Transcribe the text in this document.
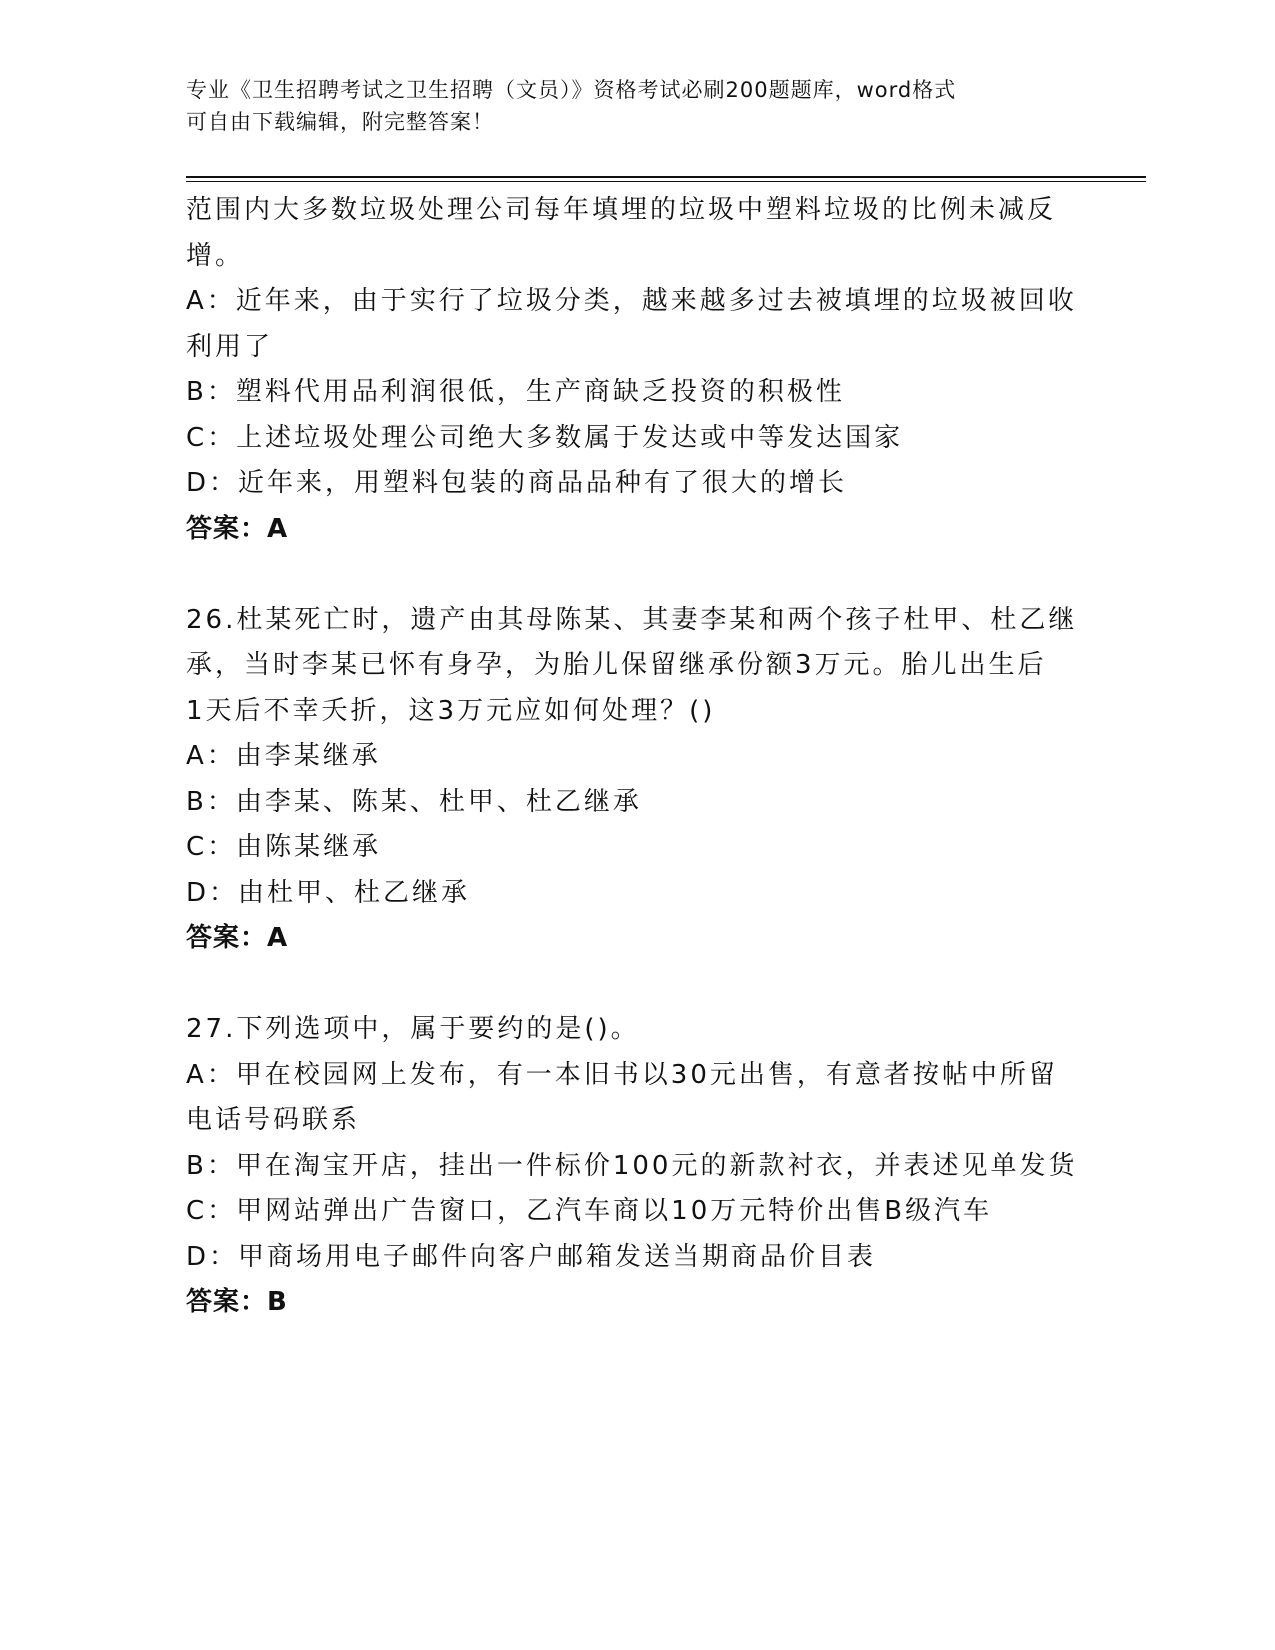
专业《卫生招聘考试之卫生招聘（文员）》资格考试必刷200题题库，word格式
可自由下载编辑，附完整答案！
范围内大多数垃圾处理公司每年填埋的垃圾中塑料垃圾的比例未减反
增。
A：近年来，由于实行了垃圾分类，越来越多过去被填埋的垃圾被回收
利用了
B：塑料代用品利润很低，生产商缺乏投资的积极性
C：上述垃圾处理公司绝大多数属于发达或中等发达国家
D：近年来，用塑料包装的商品品种有了很大的增长
答案：A
26.杜某死亡时，遗产由其母陈某、其妻李某和两个孩子杜甲、杜乙继
承，当时李某已怀有身孕，为胎儿保留继承份额3万元。胎儿出生后
1天后不幸夭折，这3万元应如何处理？()
A：由李某继承
B：由李某、陈某、杜甲、杜乙继承
C：由陈某继承
D：由杜甲、杜乙继承
答案：A
27.下列选项中，属于要约的是()。
A：甲在校园网上发布，有一本旧书以30元出售，有意者按帖中所留
电话号码联系
B：甲在淘宝开店，挂出一件标价100元的新款衬衣，并表述见单发货
C：甲网站弹出广告窗口，乙汽车商以10万元特价出售B级汽车
D：甲商场用电子邮件向客户邮箱发送当期商品价目表
答案：B
